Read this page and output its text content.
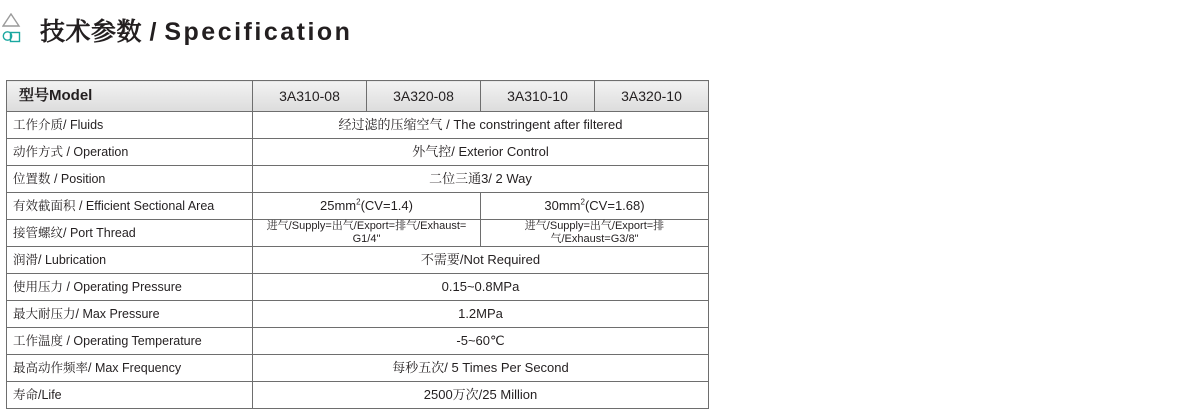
技术参数 / Specification
型号Model	3A310-08	3A320-08	3A310-10	3A320-10
工作介质/ Fluids	经过滤的压缩空气 / The constringent after filtered			
动作方式 / Operation	外气控/ Exterior Control			
位置数 / Position	二位三通3/ 2 Way			
有效截面积 / Efficient Sectional Area	$25mm^2(CV=1.4)$		$30mm^2(CV=1.68)$	
接管螺纹/ Port Thread	进气/Supply=出气/Export=排气/Exhaust= G1/4"		进气/Supply=出气/Export=排气/Exhaust=G3/8"	
润滑/ Lubrication	不需要/Not Required			
使用压力 / Operating Pressure	0.15~0.8MPa			
最大耐压力/ Max Pressure	1.2MPa			
工作温度 / Operating Temperature	-5~60℃			
最高动作频率/ Max Frequency	每秒五次/ 5 Times Per Second			
寿命/Life	2500万次/25 Million			
